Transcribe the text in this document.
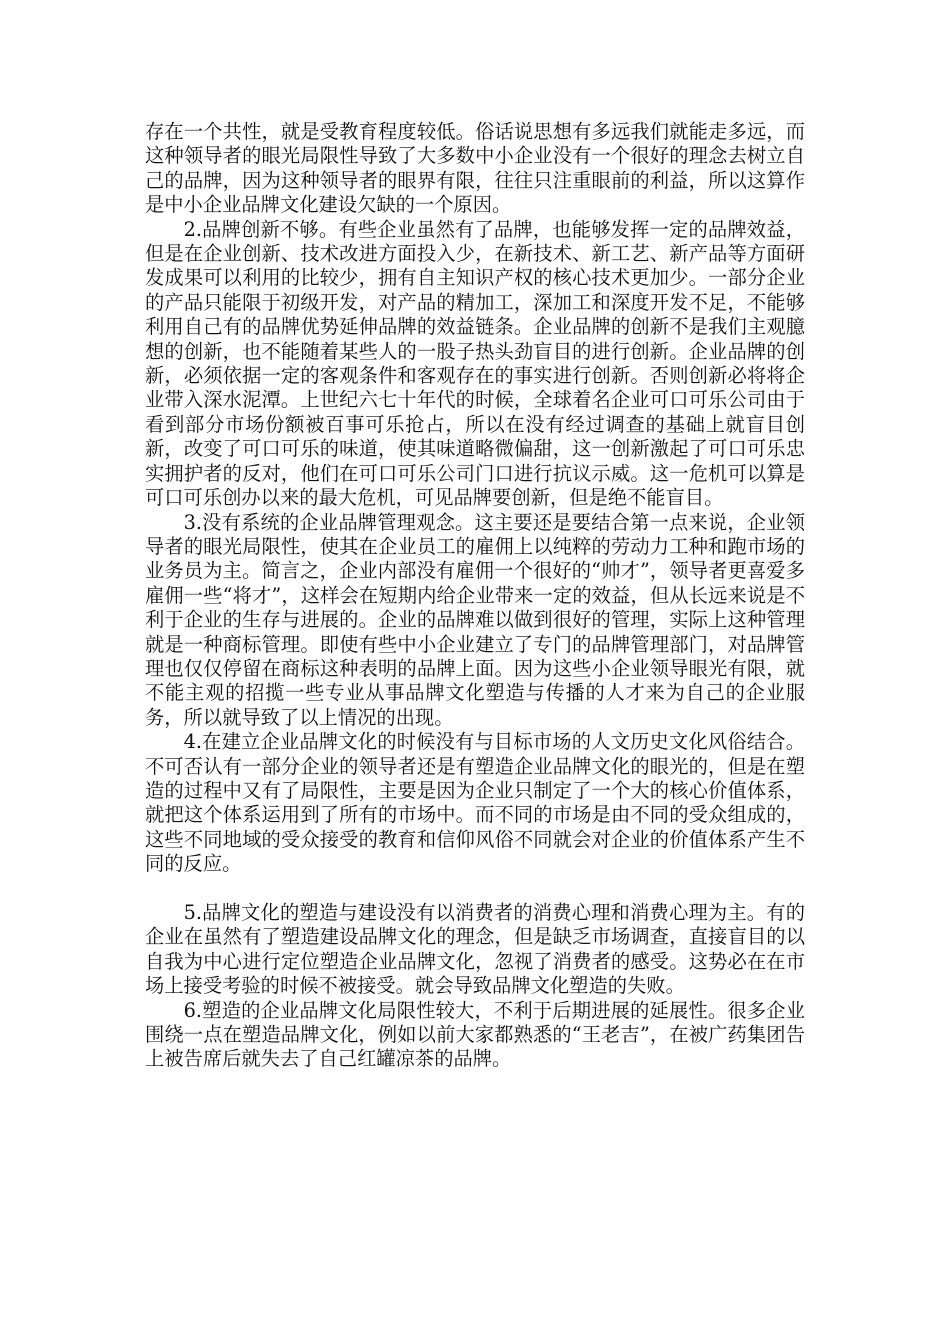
存在一个共性，就是受教育程度较低。俗话说思想有多远我们就能走多远，而这种领导者的眼光局限性导致了大多数中小企业没有一个很好的理念去树立自己的品牌，因为这种领导者的眼界有限，往往只注重眼前的利益，所以这算作是中小企业品牌文化建设欠缺的一个原因。

2.品牌创新不够。有些企业虽然有了品牌，也能够发挥一定的品牌效益，但是在企业创新、技术改进方面投入少，在新技术、新工艺、新产品等方面研发成果可以利用的比较少，拥有自主知识产权的核心技术更加少。一部分企业的产品只能限于初级开发，对产品的精加工，深加工和深度开发不足，不能够利用自己有的品牌优势延伸品牌的效益链条。企业品牌的创新不是我们主观臆想的创新，也不能随着某些人的一股子热头劲盲目的进行创新。企业品牌的创新，必须依据一定的客观条件和客观存在的事实进行创新。否则创新必将将企业带入深水泥潭。上世纪六七十年代的时候，全球着名企业可口可乐公司由于看到部分市场份额被百事可乐抢占，所以在没有经过调查的基础上就盲目创新，改变了可口可乐的味道，使其味道略微偏甜，这一创新激起了可口可乐忠实拥护者的反对，他们在可口可乐公司门口进行抗议示威。这一危机可以算是可口可乐创办以来的最大危机，可见品牌要创新，但是绝不能盲目。

3.没有系统的企业品牌管理观念。这主要还是要结合第一点来说，企业领导者的眼光局限性，使其在企业员工的雇佣上以纯粹的劳动力工种和跑市场的业务员为主。简言之，企业内部没有雇佣一个很好的“帅才”，领导者更喜爱多雇佣一些“将才”，这样会在短期内给企业带来一定的效益，但从长远来说是不利于企业的生存与进展的。企业的品牌难以做到很好的管理，实际上这种管理就是一种商标管理。即使有些中小企业建立了专门的品牌管理部门，对品牌管理也仅仅停留在商标这种表明的品牌上面。因为这些小企业领导眼光有限，就不能主观的招揽一些专业从事品牌文化塑造与传播的人才来为自己的企业服务，所以就导致了以上情况的出现。

4.在建立企业品牌文化的时候没有与目标市场的人文历史文化风俗结合。不可否认有一部分企业的领导者还是有塑造企业品牌文化的眼光的，但是在塑造的过程中又有了局限性，主要是因为企业只制定了一个大的核心价值体系，就把这个体系运用到了所有的市场中。而不同的市场是由不同的受众组成的，这些不同地域的受众接受的教育和信仰风俗不同就会对企业的价值体系产生不同的反应。

5.品牌文化的塑造与建设没有以消费者的消费心理和消费心理为主。有的企业在虽然有了塑造建设品牌文化的理念，但是缺乏市场调查，直接盲目的以自我为中心进行定位塑造企业品牌文化，忽视了消费者的感受。这势必在在市场上接受考验的时候不被接受。就会导致品牌文化塑造的失败。

6.塑造的企业品牌文化局限性较大，不利于后期进展的延展性。很多企业围绕一点在塑造品牌文化，例如以前大家都熟悉的“王老吉”，在被广药集团告上被告席后就失去了自己红罐凉茶的品牌。
